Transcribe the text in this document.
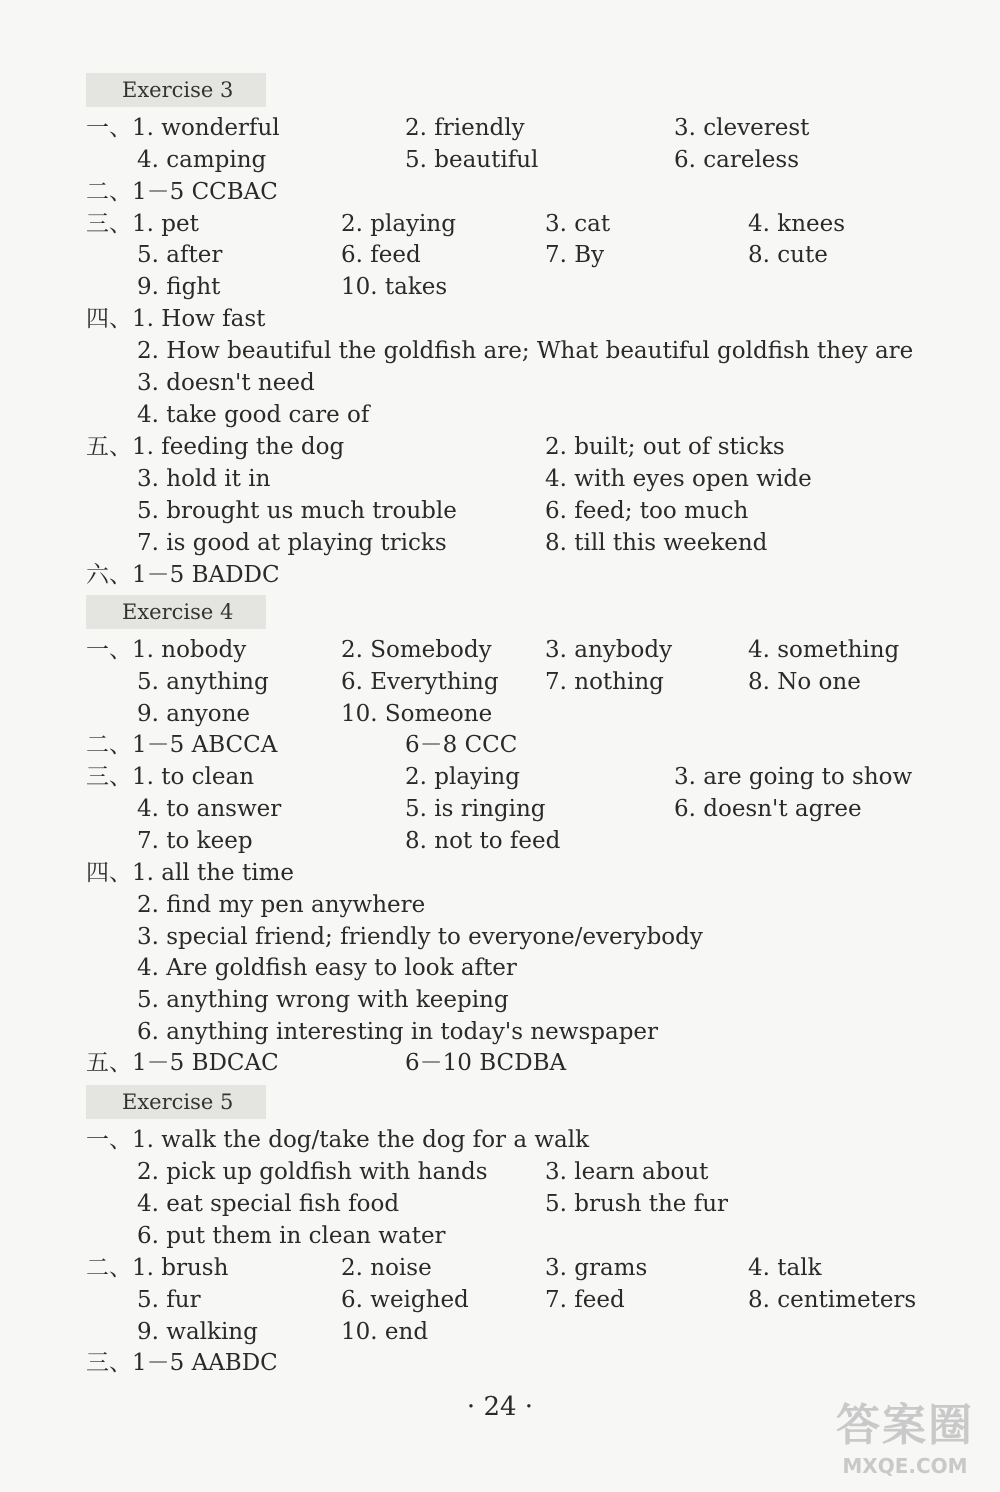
Exercise 3
一、1. wonderful	2. friendly	3. cleverest
4. camping	5. beautiful	6. careless
二、1－5 CCBAC
三、1. pet	2. playing	3. cat	4. knees
5. after	6. feed	7. By	8. cute
9. fight	10. takes
四、1. How fast
2. How beautiful the goldfish are; What beautiful goldfish they are
3. doesn't need
4. take good care of
五、1. feeding the dog	2. built; out of sticks
3. hold it in	4. with eyes open wide
5. brought us much trouble	6. feed; too much
7. is good at playing tricks	8. till this weekend
六、1－5 BADDC
Exercise 4
一、1. nobody	2. Somebody 3. anybody	4. something
5. anything	6. Everything 7. nothing	8. No one
9. anyone	10. Someone
二、1－5 ABCCA	6－8 CCC
三、1. to clean	2. playing	3. are going to show
4. to answer	5. is ringing	6. doesn't agree
7. to keep	8. not to feed
四、1. all the time
2. find my pen anywhere
3. special friend; friendly to everyone/everybody
4. Are goldfish easy to look after
5. anything wrong with keeping
6. anything interesting in today's newspaper
五、1－5 BDCAC	6－10 BCDBA
Exercise 5
一、1. walk the dog/take the dog for a walk
2. pick up goldfish with hands 3. learn about
4. eat special fish food	5. brush the fur
6. put them in clean water
二、1. brush	2. noise	3. grams	4. talk
5. fur	6. weighed	7. feed	8. centimeters
9. walking	10. end
三、1－5 AABDC
· 24 ·	答案圈
MXQE.COM
